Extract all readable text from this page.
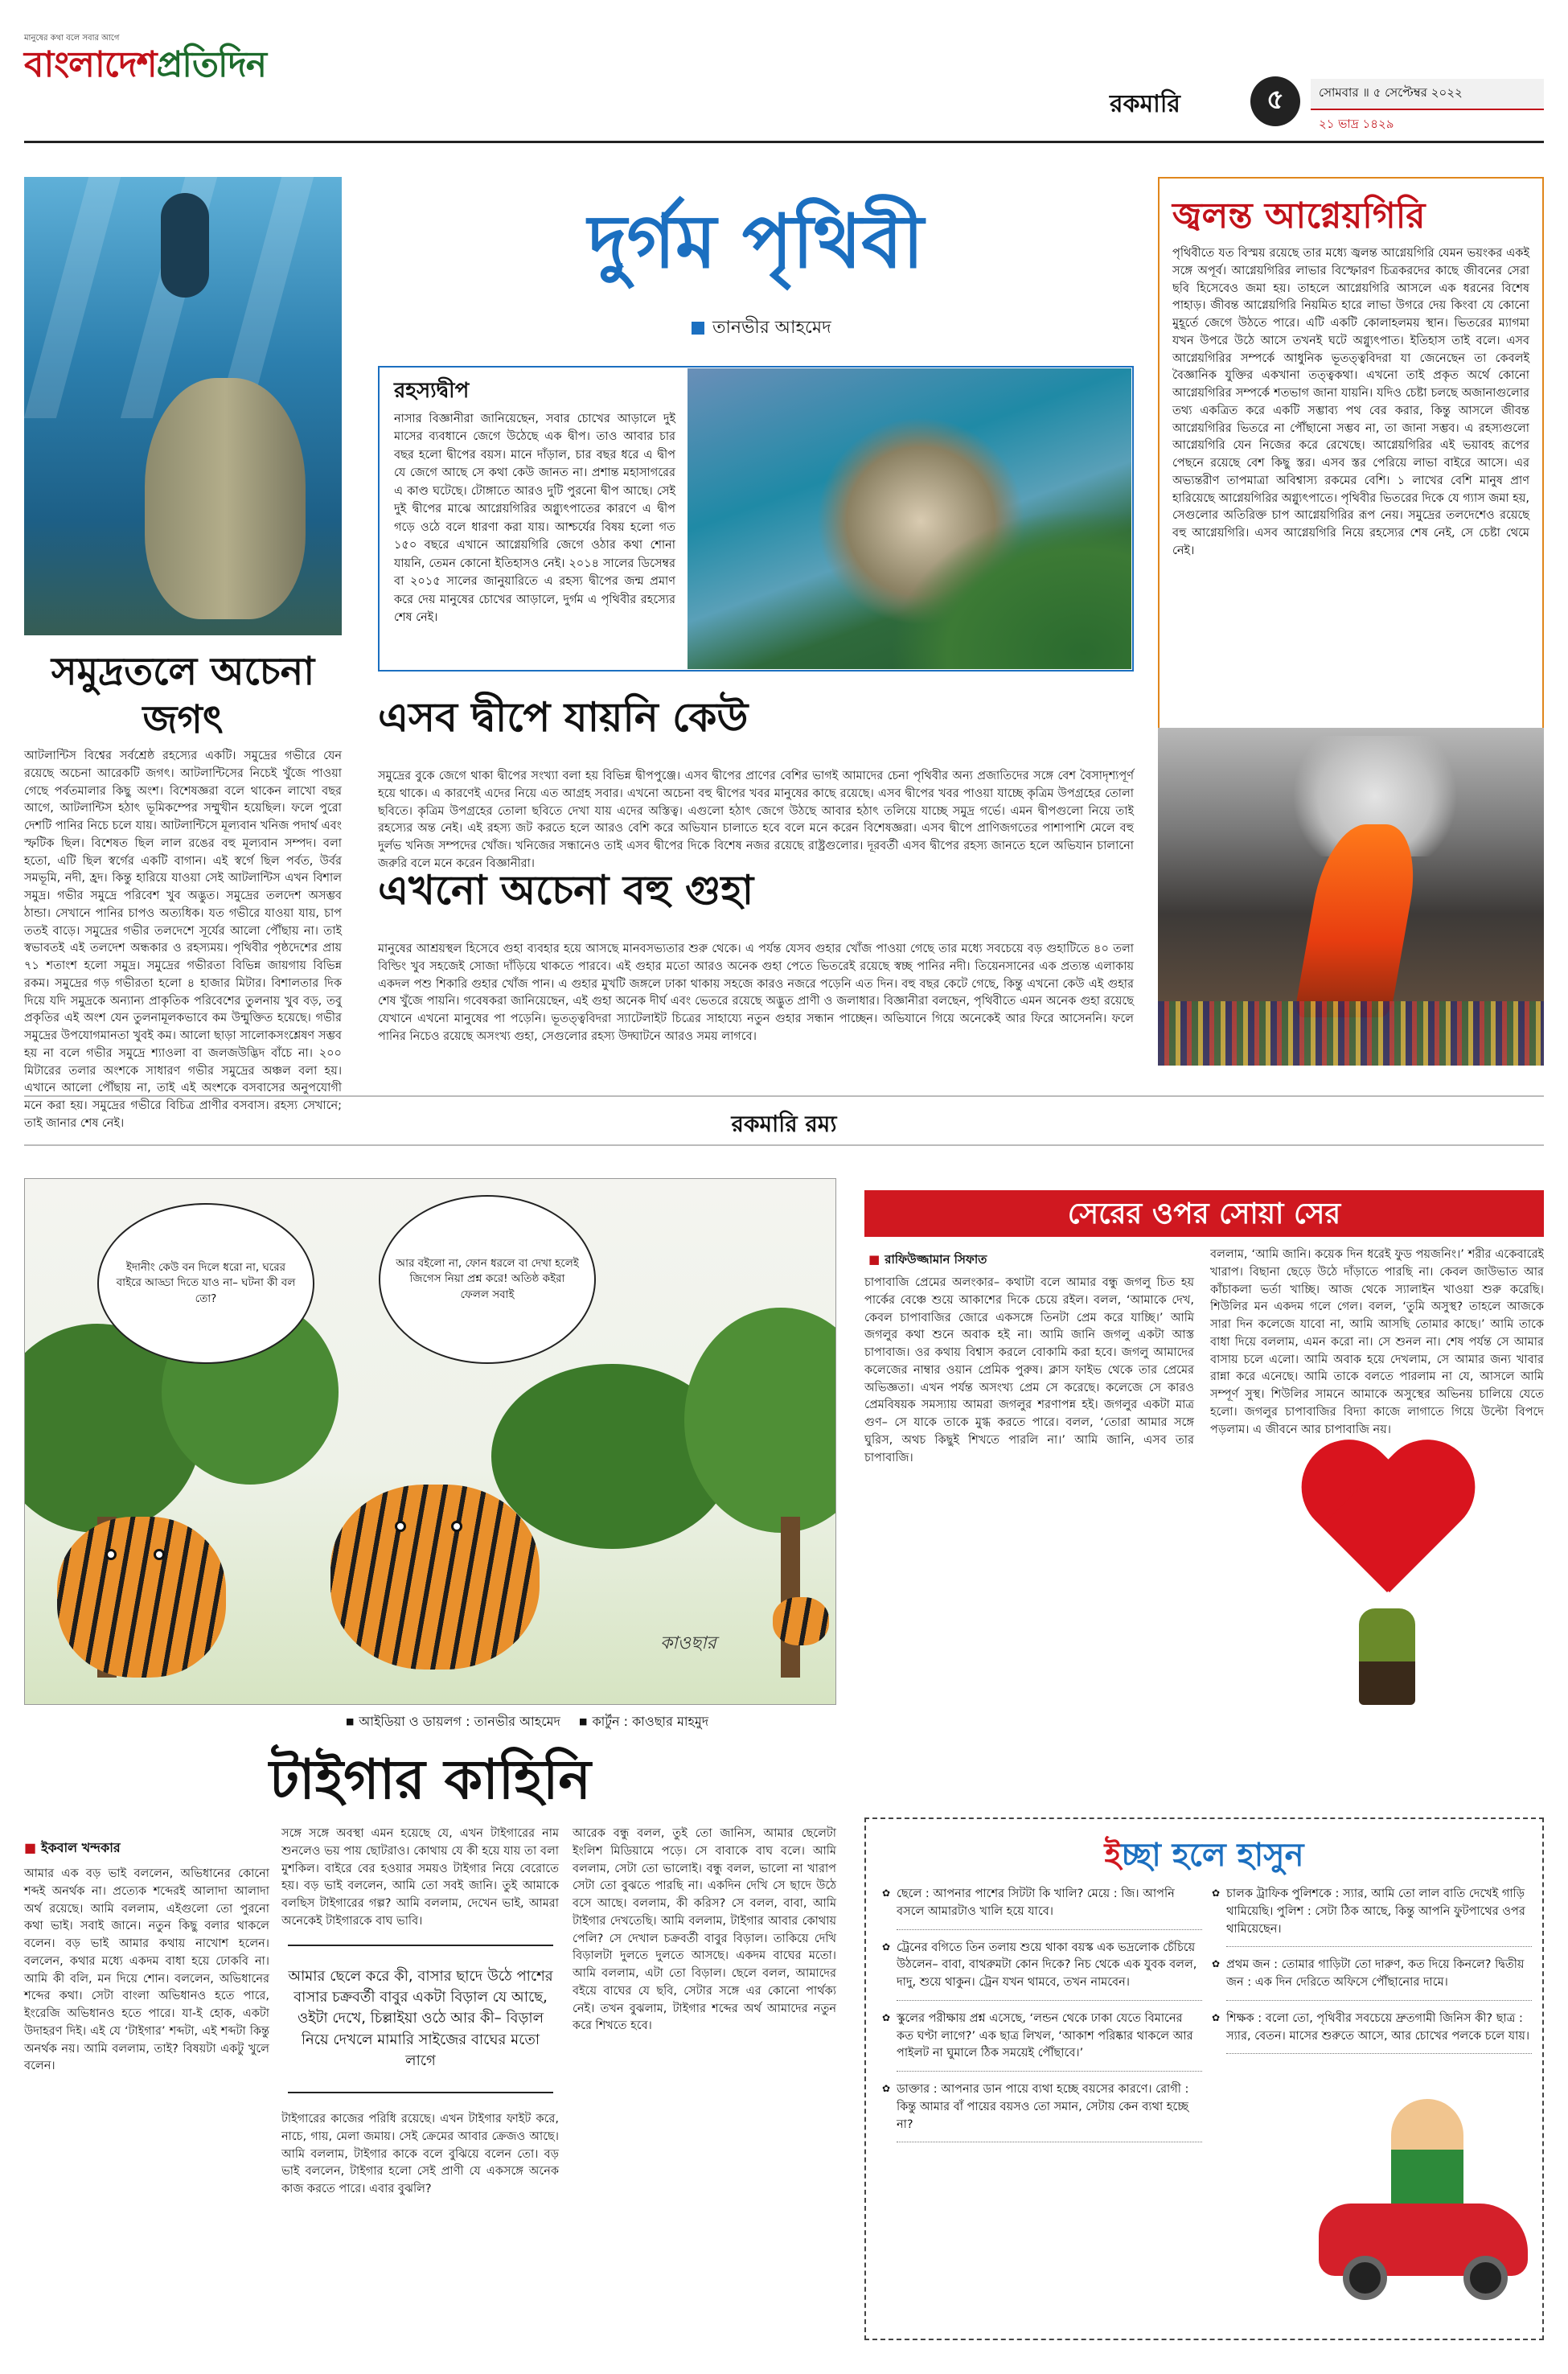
মানুষের কথা বলে সবার আগে
বাংলাদেশপ্রতিদিন
রকমারি	৫	সোমবার ॥ ৫ সেপ্টেম্বর ২০২২
২১ ভাদ্র ১৪২৯
দুর্গম পৃথিবী
তানভীর আহমেদ
রহস্যদ্বীপ
নাসার বিজ্ঞানীরা জানিয়েছেন, সবার চোখের আড়ালে দুই মাসের ব্যবধানে জেগে উঠেছে এক দ্বীপ। তাও আবার চার বছর হলো দ্বীপের বয়স। মানে দাঁড়াল, চার বছর ধরে এ দ্বীপ যে জেগে আছে সে কথা কেউ জানত না। প্রশান্ত মহাসাগরের এ কাণ্ড ঘটেছে। টোঙ্গাতে আরও দুটি পুরনো দ্বীপ আছে। সেই দুই দ্বীপের মাঝে আগ্নেয়গিরির অগ্ন্যুৎপাতের কারণে এ দ্বীপ গড়ে ওঠে বলে ধারণা করা যায়। আশ্চর্যের বিষয় হলো গত ১৫০ বছরে এখানে আগ্নেয়গিরি জেগে ওঠার কথা শোনা যায়নি, তেমন কোনো ইতিহাসও নেই। ২০১৪ সালের ডিসেম্বর বা ২০১৫ সালের জানুয়ারিতে এ রহস্য দ্বীপের জন্ম প্রমাণ করে দেয় মানুষের চোখের আড়ালে, দুর্গম এ পৃথিবীর রহস্যের শেষ নেই।
সমুদ্রতলে অচেনা জগৎ
আটলান্টিস বিশ্বের সর্বশ্রেষ্ঠ রহস্যের একটি। সমুদ্রের গভীরে যেন রয়েছে অচেনা আরেকটি জগৎ। আটলান্টিসের নিচেই খুঁজে পাওয়া গেছে পর্বতমালার কিছু অংশ। বিশেষজ্ঞরা বলে থাকেন লাখো বছর আগে, আটলান্টিস হঠাৎ ভূমিকম্পের সম্মুখীন হয়েছিল। ফলে পুরো দেশটি পানির নিচে চলে যায়। আটলান্টিসে মূল্যবান খনিজ পদার্থ এবং স্ফটিক ছিল। বিশেষত ছিল লাল রঙের বহু মূল্যবান সম্পদ। বলা হতো, এটি ছিল স্বর্গের একটি বাগান। এই স্বর্গে ছিল পর্বত, উর্বর সমভূমি, নদী, হ্রদ। কিন্তু হারিয়ে যাওয়া সেই আটলান্টিস এখন বিশাল সমুদ্র। গভীর সমুদ্রে পরিবেশ খুব অদ্ভুত। সমুদ্রের তলদেশ অসম্ভব ঠান্ডা। সেখানে পানির চাপও অত্যধিক। যত গভীরে যাওয়া যায়, চাপ ততই বাড়ে। সমুদ্রের গভীর তলদেশে সূর্যের আলো পৌঁছায় না। তাই স্বভাবতই এই তলদেশ অন্ধকার ও রহস্যময়। পৃথিবীর পৃষ্ঠদেশের প্রায় ৭১ শতাংশ হলো সমুদ্র। সমুদ্রের গভীরতা বিভিন্ন জায়গায় বিভিন্ন রকম। সমুদ্রের গড় গভীরতা হলো ৪ হাজার মিটার। বিশালতার দিক দিয়ে যদি সমুদ্রকে অন্যান্য প্রাকৃতিক পরিবেশের তুলনায় খুব বড়, তবু প্রকৃতির এই অংশ যেন তুলনামূলকভাবে কম উন্মুক্তিত হয়েছে। গভীর সমুদ্রের উপযোগমানতা খুবই কম। আলো ছাড়া সালোকসংশ্লেষণ সম্ভব হয় না বলে গভীর সমুদ্রে শ্যাওলা বা জলজউদ্ভিদ বাঁচে না। ২০০ মিটারের তলার অংশকে সাধারণ গভীর সমুদ্রের অঞ্চল বলা হয়। এখানে আলো পৌঁছায় না, তাই এই অংশকে বসবাসের অনুপযোগী মনে করা হয়। সমুদ্রের গভীরে বিচিত্র প্রাণীর বসবাস। রহস্য সেখানে; তাই জানার শেষ নেই।
এসব দ্বীপে যায়নি কেউ
সমুদ্রের বুকে জেগে থাকা দ্বীপের সংখ্যা বলা হয় বিভিন্ন দ্বীপপুঞ্জে। এসব দ্বীপের প্রাণের বেশির ভাগই আমাদের চেনা পৃথিবীর অন্য প্রজাতিদের সঙ্গে বেশ বৈসাদৃশ্যপূর্ণ হয়ে থাকে। এ কারণেই এদের নিয়ে এত আগ্রহ সবার। এখনো অচেনা বহু দ্বীপের খবর মানুষের কাছে রয়েছে। এসব দ্বীপের খবর পাওয়া যাচ্ছে কৃত্রিম উপগ্রহের তোলা ছবিতে। কৃত্রিম উপগ্রহের তোলা ছবিতে দেখা যায় এদের অস্তিত্ব। এগুলো হঠাৎ জেগে উঠছে আবার হঠাৎ তলিয়ে যাচ্ছে সমুদ্র গর্ভে। এমন দ্বীপগুলো নিয়ে তাই রহস্যের অন্ত নেই। এই রহস্য জট করতে হলে আরও বেশি করে অভিযান চালাতে হবে বলে মনে করেন বিশেষজ্ঞরা। এসব দ্বীপে প্রাণিজগতের পাশাপাশি মেলে বহু দুর্লভ খনিজ সম্পদের খোঁজ। খনিজের সন্ধানেও তাই এসব দ্বীপের দিকে বিশেষ নজর রয়েছে রাষ্ট্রগুলোর। দূরবর্তী এসব দ্বীপের রহস্য জানতে হলে অভিযান চালানো জরুরি বলে মনে করেন বিজ্ঞানীরা।
এখনো অচেনা বহু গুহা
মানুষের আশ্রয়স্থল হিসেবে গুহা ব্যবহার হয়ে আসছে মানবসভ্যতার শুরু থেকে। এ পর্যন্ত যেসব গুহার খোঁজ পাওয়া গেছে তার মধ্যে সবচেয়ে বড় গুহাটিতে ৪০ তলা বিল্ডিং খুব সহজেই সোজা দাঁড়িয়ে থাকতে পারবে। এই গুহার মতো আরও অনেক গুহা পেতে ভিতরেই রয়েছে স্বচ্ছ পানির নদী। তিয়েনসানের এক প্রত্যন্ত এলাকায় একদল পশু শিকারি গুহার খোঁজ পান। এ গুহার মুখটি জঙ্গলে ঢাকা থাকায় সহজে কারও নজরে পড়েনি এত দিন। বহু বছর কেটে গেছে, কিন্তু এখনো কেউ এই গুহার শেষ খুঁজে পায়নি। গবেষকরা জানিয়েছেন, এই গুহা অনেক দীর্ঘ এবং ভেতরে রয়েছে অদ্ভুত প্রাণী ও জলাধার। বিজ্ঞানীরা বলছেন, পৃথিবীতে এমন অনেক গুহা রয়েছে যেখানে এখনো মানুষের পা পড়েনি। ভূতত্ত্ববিদরা স্যাটেলাইট চিত্রের সাহায্যে নতুন গুহার সন্ধান পাচ্ছেন। অভিযানে গিয়ে অনেকেই আর ফিরে আসেননি। ফলে পানির নিচেও রয়েছে অসংখ্য গুহা, সেগুলোর রহস্য উদ্ঘাটনে আরও সময় লাগবে।
জ্বলন্ত আগ্নেয়গিরি
পৃথিবীতে যত বিস্ময় রয়েছে তার মধ্যে জ্বলন্ত আগ্নেয়গিরি যেমন ভয়ংকর একই সঙ্গে অপূর্ব। আগ্নেয়গিরির লাভার বিস্ফোরণ চিত্রকরদের কাছে জীবনের সেরা ছবি হিসেবেও জমা হয়। তাহলে আগ্নেয়গিরি আসলে এক ধরনের বিশেষ পাহাড়। জীবন্ত আগ্নেয়গিরি নিয়মিত হারে লাভা উগরে দেয় কিংবা যে কোনো মুহূর্তে জেগে উঠতে পারে। এটি একটি কোলাহলময় স্থান। ভিতরের ম্যাগমা যখন উপরে উঠে আসে তখনই ঘটে অগ্ন্যুৎপাত। ইতিহাস তাই বলে। এসব আগ্নেয়গিরির সম্পর্কে আধুনিক ভূতত্ত্ববিদরা যা জেনেছেন তা কেবলই বৈজ্ঞানিক যুক্তির একখানা তত্ত্বকথা। এখনো তাই প্রকৃত অর্থে কোনো আগ্নেয়গিরির সম্পর্কে শতভাগ জানা যায়নি। যদিও চেষ্টা চলছে অজানাগুলোর তথ্য একত্রিত করে একটি সম্ভাব্য পথ বের করার, কিন্তু আসলে জীবন্ত আগ্নেয়গিরির ভিতরে না পৌঁছানো সম্ভব না, তা জানা সম্ভব। এ রহস্যগুলো আগ্নেয়গিরি যেন নিজের করে রেখেছে। আগ্নেয়গিরির এই ভয়াবহ রূপের পেছনে রয়েছে বেশ কিছু স্তর। এসব স্তর পেরিয়ে লাভা বাইরে আসে। এর অভ্যন্তরীণ তাপমাত্রা অবিশ্বাস্য রকমের বেশি। ১ লাখের বেশি মানুষ প্রাণ হারিয়েছে আগ্নেয়গিরির অগ্ন্যুৎপাতে। পৃথিবীর ভিতরের দিকে যে গ্যাস জমা হয়, সেগুলোর অতিরিক্ত চাপ আগ্নেয়গিরির রূপ নেয়। সমুদ্রের তলদেশেও রয়েছে বহু আগ্নেয়গিরি। এসব আগ্নেয়গিরি নিয়ে রহস্যের শেষ নেই, সে চেষ্টা থেমে নেই।
রকমারি রম্য
ইদানীং কেউ বন দিলে ধরো না, ঘরের বাইরে আড্ডা দিতে যাও না– ঘটনা কী বল তো?
আর বইলো না, ফোন ধরলে বা দেখা হলেই জিগেস নিয়া প্রশ্ন করে! অতিষ্ঠ কইরা ফেলল সবাই
কাওছার
■ আইডিয়া ও ডায়লগ : তানভীর আহমেদ ■ কার্টুন : কাওছার মাহমুদ
টাইগার কাহিনি
■ ইকবাল খন্দকার
আমার এক বড় ভাই বললেন, অভিধানের কোনো শব্দই অনর্থক না। প্রত্যেক শব্দেরই আলাদা আলাদা অর্থ রয়েছে। আমি বললাম, এইগুলো তো পুরনো কথা ভাই। সবাই জানে। নতুন কিছু বলার থাকলে বলেন। বড় ভাই আমার কথায় নাখোশ হলেন। বললেন, কথার মধ্যে একদম বাধা হয়ে ঢোকবি না। আমি কী বলি, মন দিয়ে শোন। বললেন, অভিধানের শব্দের কথা। সেটা বাংলা অভিধানও হতে পারে, ইংরেজি অভিধানও হতে পারে। যা-ই হোক, একটা উদাহরণ দিই। এই যে ‘টাইগার’ শব্দটা, এই শব্দটা কিন্তু অনর্থক নয়। আমি বললাম, তাই? বিষয়টা একটু খুলে বলেন।
সঙ্গে সঙ্গে অবস্থা এমন হয়েছে যে, এখন টাইগারের নাম শুনলেও ভয় পায় ছোটরাও। কোথায় যে কী হয়ে যায় তা বলা মুশকিল। বাইরে বের হওয়ার সময়ও টাইগার নিয়ে বেরোতে হয়। বড় ভাই বললেন, আমি তো সবই জানি। তুই আমাকে বলছিস টাইগারের গল্প? আমি বললাম, দেখেন ভাই, আমরা অনেকেই টাইগারকে বাঘ ভাবি।
আমার ছেলে করে কী, বাসার ছাদে উঠে পাশের বাসার চক্রবর্তী বাবুর একটা বিড়াল যে আছে, ওইটা দেখে, চিল্লাইয়া ওঠে আর কী– বিড়াল নিয়ে দেখলে মামারি সাইজের বাঘের মতো লাগে
টাইগারের কাজের পরিধি রয়েছে। এখন টাইগার ফাইট করে, নাচে, গায়, মেলা জমায়। সেই ক্রেমের আবার ক্রেজও আছে। আমি বললাম, টাইগার কাকে বলে বুঝিয়ে বলেন তো। বড় ভাই বললেন, টাইগার হলো সেই প্রাণী যে একসঙ্গে অনেক কাজ করতে পারে। এবার বুঝলি?
আরেক বন্ধু বলল, তুই তো জানিস, আমার ছেলেটা ইংলিশ মিডিয়ামে পড়ে। সে বাবাকে বাঘ বলে। আমি বললাম, সেটা তো ভালোই। বন্ধু বলল, ভালো না খারাপ সেটা তো বুঝতে পারছি না। একদিন দেখি সে ছাদে উঠে বসে আছে। বললাম, কী করিস? সে বলল, বাবা, আমি টাইগার দেখতেছি। আমি বললাম, টাইগার আবার কোথায় পেলি? সে দেখাল চক্রবর্তী বাবুর বিড়াল। তাকিয়ে দেখি বিড়ালটা দুলতে দুলতে আসছে। একদম বাঘের মতো। আমি বললাম, এটা তো বিড়াল। ছেলে বলল, আমাদের বইয়ে বাঘের যে ছবি, সেটার সঙ্গে এর কোনো পার্থক্য নেই। তখন বুঝলাম, টাইগার শব্দের অর্থ আমাদের নতুন করে শিখতে হবে।
সেরের ওপর সোয়া সের
■ রাফিউজ্জামান সিফাত
চাপাবাজি প্রেমের অলংকার– কথাটা বলে আমার বন্ধু জগলু চিত হয় পার্কের বেঞ্চে শুয়ে আকাশের দিকে চেয়ে রইল। বলল, ‘আমাকে দেখ, কেবল চাপাবাজির জোরে একসঙ্গে তিনটা প্রেম করে যাচ্ছি।’ আমি জগলুর কথা শুনে অবাক হই না। আমি জানি জগলু একটা আস্ত চাপাবাজ। ওর কথায় বিশ্বাস করলে বোকামি করা হবে। জগলু আমাদের কলেজের নাম্বার ওয়ান প্রেমিক পুরুষ। ক্লাস ফাইভ থেকে তার প্রেমের অভিজ্ঞতা। এখন পর্যন্ত অসংখ্য প্রেম সে করেছে। কলেজে সে কারও প্রেমবিষয়ক সমস্যায় আমরা জগলুর শরণাপন্ন হই। জগলুর একটা মাত্র গুণ– সে যাকে তাকে মুগ্ধ করতে পারে। বলল, ‘তোরা আমার সঙ্গে ঘুরিস, অথচ কিছুই শিখতে পারলি না।’ আমি জানি, এসব তার চাপাবাজি।
বললাম, ‘আমি জানি। কয়েক দিন ধরেই ফুড পয়জনিং।’ শরীর একেবারেই খারাপ। বিছানা ছেড়ে উঠে দাঁড়াতে পারছি না। কেবল জাউভাত আর কাঁচাকলা ভর্তা খাচ্ছি। আজ থেকে স্যালাইন খাওয়া শুরু করেছি। শিউলির মন একদম গলে গেল। বলল, ‘তুমি অসুস্থ? তাহলে আজকে সারা দিন কলেজে যাবো না, আমি আসছি তোমার কাছে।’ আমি তাকে বাধা দিয়ে বললাম, এমন করো না। সে শুনল না। শেষ পর্যন্ত সে আমার বাসায় চলে এলো। আমি অবাক হয়ে দেখলাম, সে আমার জন্য খাবার রান্না করে এনেছে। আমি তাকে বলতে পারলাম না যে, আসলে আমি সম্পূর্ণ সুস্থ। শিউলির সামনে আমাকে অসুস্থের অভিনয় চালিয়ে যেতে হলো। জগলুর চাপাবাজির বিদ্যা কাজে লাগাতে গিয়ে উল্টো বিপদে পড়লাম। এ জীবনে আর চাপাবাজি নয়।
ইচ্ছা হলে হাসুন
✿ ছেলে : আপনার পাশের সিটটা কি খালি? মেয়ে : জি। আপনি বসলে আমারটাও খালি হয়ে যাবে।
✿ ট্রেনের বগিতে তিন তলায় শুয়ে থাকা বয়স্ক এক ভদ্রলোক চেঁচিয়ে উঠলেন– বাবা, বাথরুমটা কোন দিকে? নিচ থেকে এক যুবক বলল, দাদু, শুয়ে থাকুন। ট্রেন যখন থামবে, তখন নামবেন।
✿ স্কুলের পরীক্ষায় প্রশ্ন এসেছে, ‘লন্ডন থেকে ঢাকা যেতে বিমানের কত ঘণ্টা লাগে?’ এক ছাত্র লিখল, ‘আকাশ পরিষ্কার থাকলে আর পাইলট না ঘুমালে ঠিক সময়েই পৌঁছাবে।’
✿ ডাক্তার : আপনার ডান পায়ে ব্যথা হচ্ছে বয়সের কারণে। রোগী : কিন্তু আমার বাঁ পায়ের বয়সও তো সমান, সেটায় কেন ব্যথা হচ্ছে না?
✿ চালক ট্রাফিক পুলিশকে : স্যার, আমি তো লাল বাতি দেখেই গাড়ি থামিয়েছি। পুলিশ : সেটা ঠিক আছে, কিন্তু আপনি ফুটপাথের ওপর থামিয়েছেন।
✿ প্রথম জন : তোমার গাড়িটা তো দারুণ, কত দিয়ে কিনলে? দ্বিতীয় জন : এক দিন দেরিতে অফিসে পৌঁছানোর দামে।
✿ শিক্ষক : বলো তো, পৃথিবীর সবচেয়ে দ্রুতগামী জিনিস কী? ছাত্র : স্যার, বেতন। মাসের শুরুতে আসে, আর চোখের পলকে চলে যায়।
